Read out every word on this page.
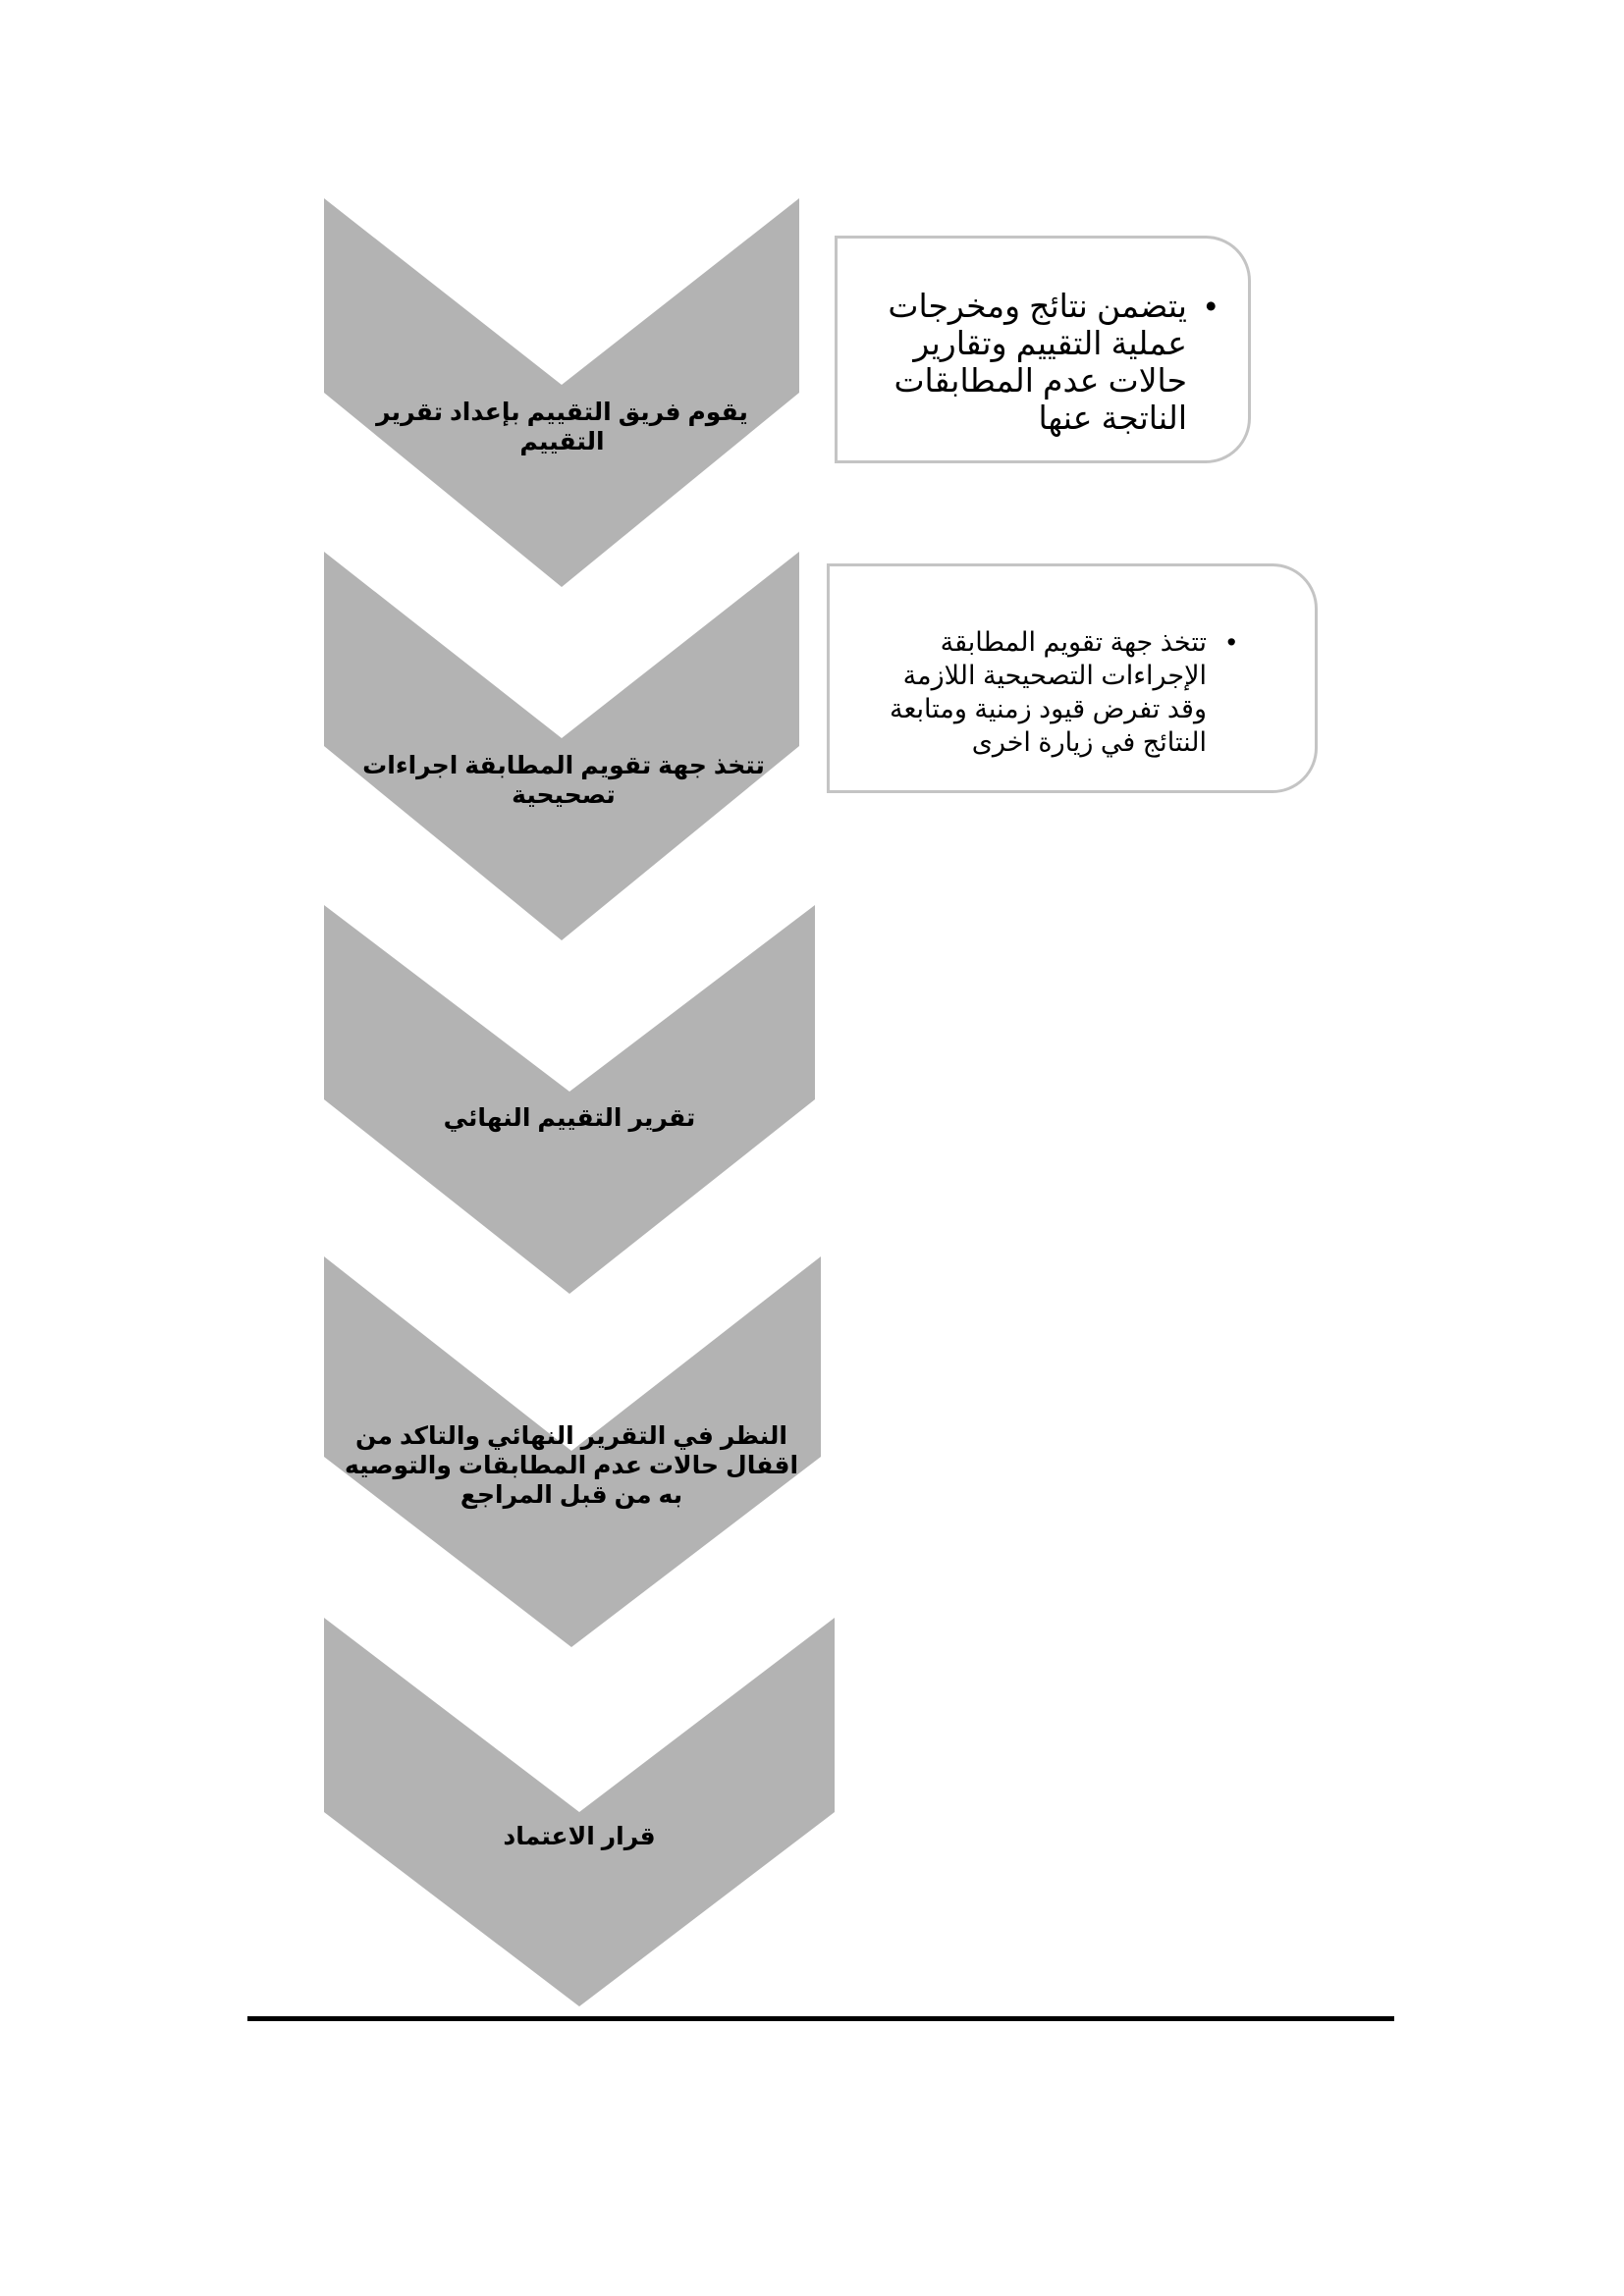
يقوم فريق التقييم بإعداد تقرير التقييم
تتخذ جهة تقويم المطابقة اجراءات تصحيحية
تقرير التقييم النهائي
النظر في التقرير النهائي والتاكد من اقفال حالات عدم المطابقات والتوصيه به من قبل المراجع
قرار الاعتماد
• يتضمن نتائج ومخرجات عملية التقييم وتقارير حالات عدم المطابقات الناتجة عنها
• تتخذ جهة تقويم المطابقة الإجراءات التصحيحية اللازمة وقد تفرض قيود زمنية ومتابعة النتائج في زيارة اخرى
